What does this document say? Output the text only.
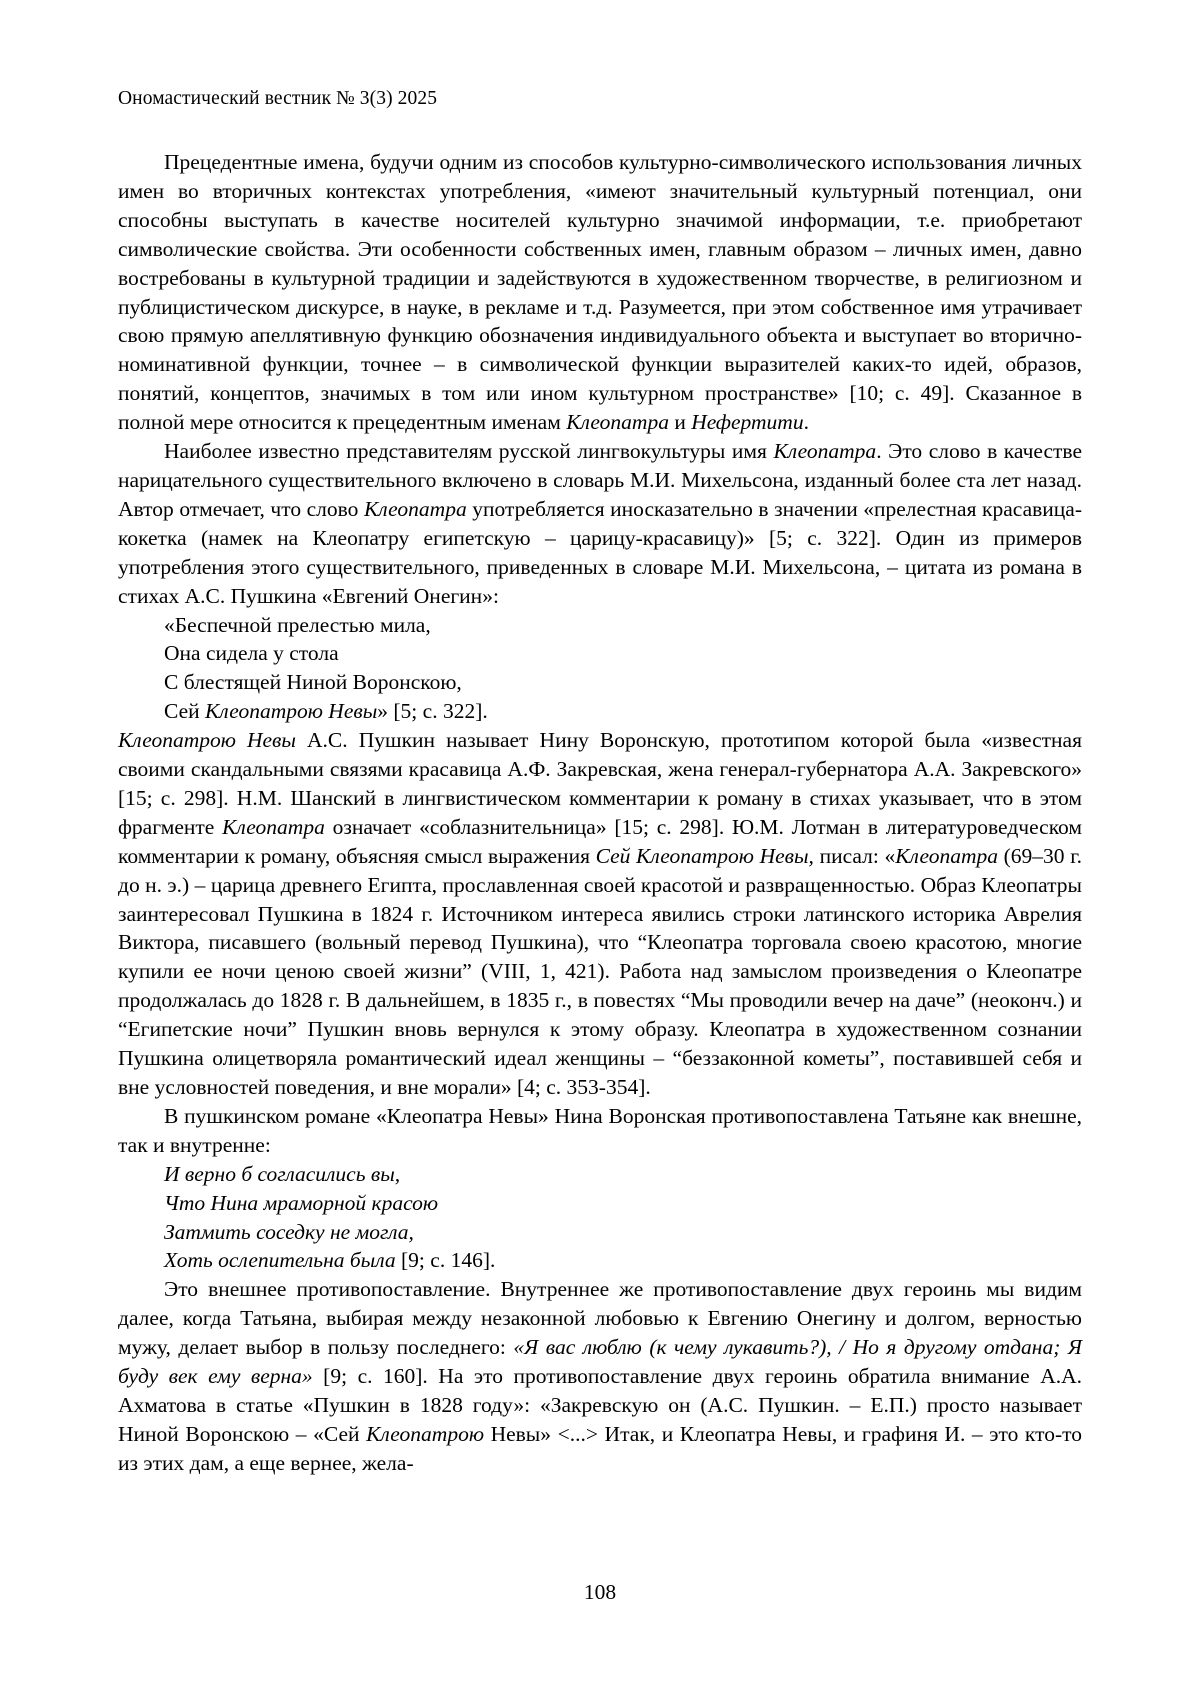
Ономастический вестник № 3(3) 2025

Прецедентные имена, будучи одним из способов культурно-символического использования личных имен во вторичных контекстах употребления, «имеют значительный культурный потенциал, они способны выступать в качестве носителей культурно значимой информации, т.е. приобретают символические свойства. Эти особенности собственных имен, главным образом – личных имен, давно востребованы в культурной традиции и задействуются в художественном творчестве, в религиозном и публицистическом дискурсе, в науке, в рекламе и т.д. Разумеется, при этом собственное имя утрачивает свою прямую апеллятивную функцию обозначения индивидуального объекта и выступает во вторично-номинативной функции, точнее – в символической функции выразителей каких-то идей, образов, понятий, концептов, значимых в том или ином культурном пространстве» [10; с. 49]. Сказанное в полной мере относится к прецедентным именам Клеопатра и Нефертити.

Наиболее известно представителям русской лингвокультуры имя Клеопатра. Это слово в качестве нарицательного существительного включено в словарь М.И. Михельсона, изданный более ста лет назад. Автор отмечает, что слово Клеопатра употребляется иносказательно в значении «прелестная красавица-кокетка (намек на Клеопатру египетскую – царицу-красавицу)» [5; с. 322]. Один из примеров употребления этого существительного, приведенных в словаре М.И. Михельсона, – цитата из романа в стихах А.С. Пушкина «Евгений Онегин»:

«Беспечной прелестью мила,
Она сидела у стола
С блестящей Ниной Воронскою,
Сей Клеопатрою Невы» [5; с. 322].

Клеопатрою Невы А.С. Пушкин называет Нину Воронскую, прототипом которой была «известная своими скандальными связями красавица А.Ф. Закревская, жена генерал-губернатора А.А. Закревского» [15; с. 298]. Н.М. Шанский в лингвистическом комментарии к роману в стихах указывает, что в этом фрагменте Клеопатра означает «соблазнительница» [15; с. 298]. Ю.М. Лотман в литературоведческом комментарии к роману, объясняя смысл выражения Сей Клеопатрою Невы, писал: «Клеопатра (69–30 г. до н. э.) – царица древнего Египта, прославленная своей красотой и развращенностью. Образ Клеопатры заинтересовал Пушкина в 1824 г. Источником интереса явились строки латинского историка Аврелия Виктора, писавшего (вольный перевод Пушкина), что “Клеопатра торговала своею красотою, многие купили ее ночи ценою своей жизни” (VIII, 1, 421). Работа над замыслом произведения о Клеопатре продолжалась до 1828 г. В дальнейшем, в 1835 г., в повестях “Мы проводили вечер на даче” (неоконч.) и “Египетские ночи” Пушкин вновь вернулся к этому образу. Клеопатра в художественном сознании Пушкина олицетворяла романтический идеал женщины – “беззаконной кометы”, поставившей себя и вне условностей поведения, и вне морали» [4; с. 353-354].

В пушкинском романе «Клеопатра Невы» Нина Воронская противопоставлена Татьяне как внешне, так и внутренне:

И верно б согласились вы,
Что Нина мраморной красою
Затмить соседку не могла,
Хоть ослепительна была [9; с. 146].

Это внешнее противопоставление. Внутреннее же противопоставление двух героинь мы видим далее, когда Татьяна, выбирая между незаконной любовью к Евгению Онегину и долгом, верностью мужу, делает выбор в пользу последнего: «Я вас люблю (к чему лукавить?), / Но я другому отдана; Я буду век ему верна» [9; с. 160]. На это противопоставление двух героинь обратила внимание А.А. Ахматова в статье «Пушкин в 1828 году»: «Закревскую он (А.С. Пушкин. – Е.П.) просто называет Ниной Воронскою – «Сей Клеопатрою Невы» <...> Итак, и Клеопатра Невы, и графиня И. – это кто-то из этих дам, а еще вернее, жела-

108
